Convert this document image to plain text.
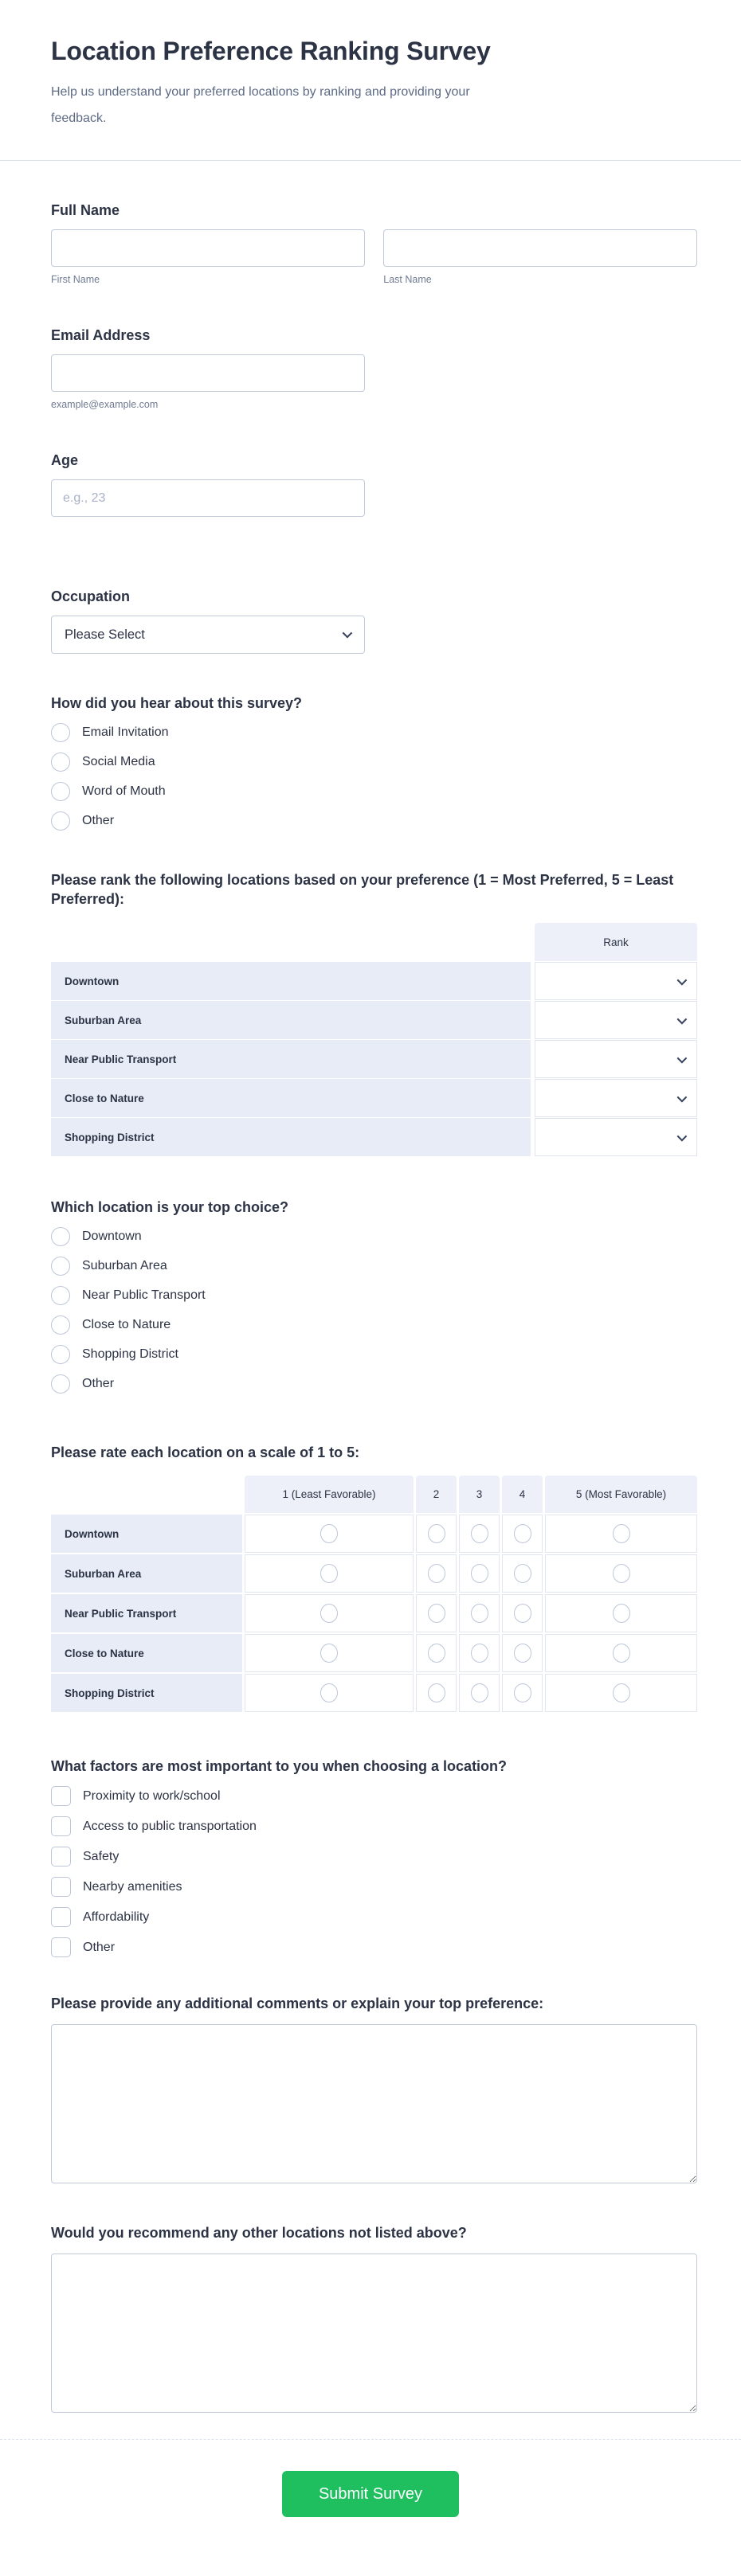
Location Preference Ranking Survey

Help us understand your preferred locations by ranking and providing your feedback.

Full Name
First Name	Last Name
Email Address
example@example.com
Age
e.g., 23
Occupation
Please Select
How did you hear about this survey?
Email Invitation
Social Media
Word of Mouth
Other
Please rank the following locations based on your preference (1 = Most Preferred, 5 = Least Preferred):
Rank
Downtown
Suburban Area
Near Public Transport
Close to Nature
Shopping District
Which location is your top choice?
Downtown
Suburban Area
Near Public Transport
Close to Nature
Shopping District
Other
Please rate each location on a scale of 1 to 5:
1 (Least Favorable)	2	3	4	5 (Most Favorable)
Downtown
Suburban Area
Near Public Transport
Close to Nature
Shopping District
What factors are most important to you when choosing a location?
Proximity to work/school
Access to public transportation
Safety
Nearby amenities
Affordability
Other
Please provide any additional comments or explain your top preference:
Would you recommend any other locations not listed above?
Submit Survey
